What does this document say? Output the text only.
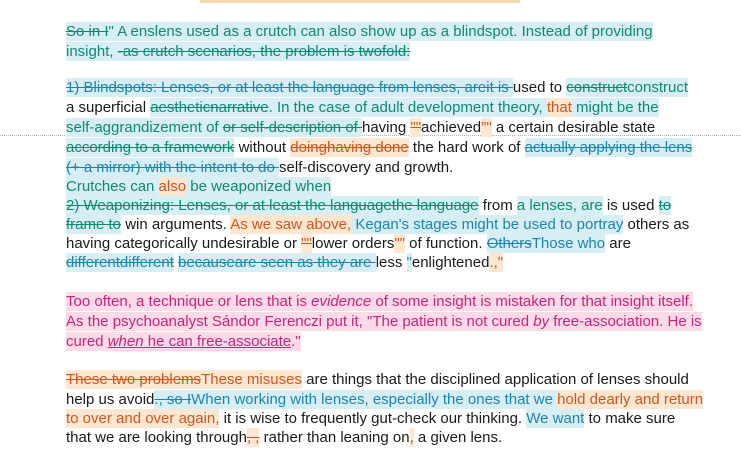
So in I" A enslens used as a crutch can also show up as a blindspot. Instead of providing
insight, -as crutch scenarios, the problem is twofold:
1) Blindspots: Lenses, or at least the language from lenses, areit is used to constructconstruct
a superficial aestheticnarrative. In the case of adult development theory, that might be the
self-aggrandizement of or self-description of having ""achieved"" a certain desirable state
according to a framework without doinghaving done the hard work of actually applying the lens
(+ a mirror) with the intent to do self-discovery and growth.
Crutches can also be weaponized when
2) Weaponizing: Lenses, or at least the languagethe language from a lenses, are is used to
frame to win arguments. As we saw above, Kegan's stages might be used to portray others as
having categorically undesirable or ""lower orders"" of function. OthersThose who are
differentdifferent becauseare seen as they are less "enlightened.,"
Too often, a technique or lens that is evidence of some insight is mistaken for that insight itself.
As the psychoanalyst Sándor Ferenczi put it, "The patient is not cured by free-association. He is
cured when he can free-associate."
These two problemsThese misuses are things that the disciplined application of lenses should
help us avoid., so IWhen working with lenses, especially the ones that we hold dearly and return
to over and over again, it is wise to frequently gut-check our thinking. We want to make sure
that we are looking through, , rather than leaning on, a given lens.
